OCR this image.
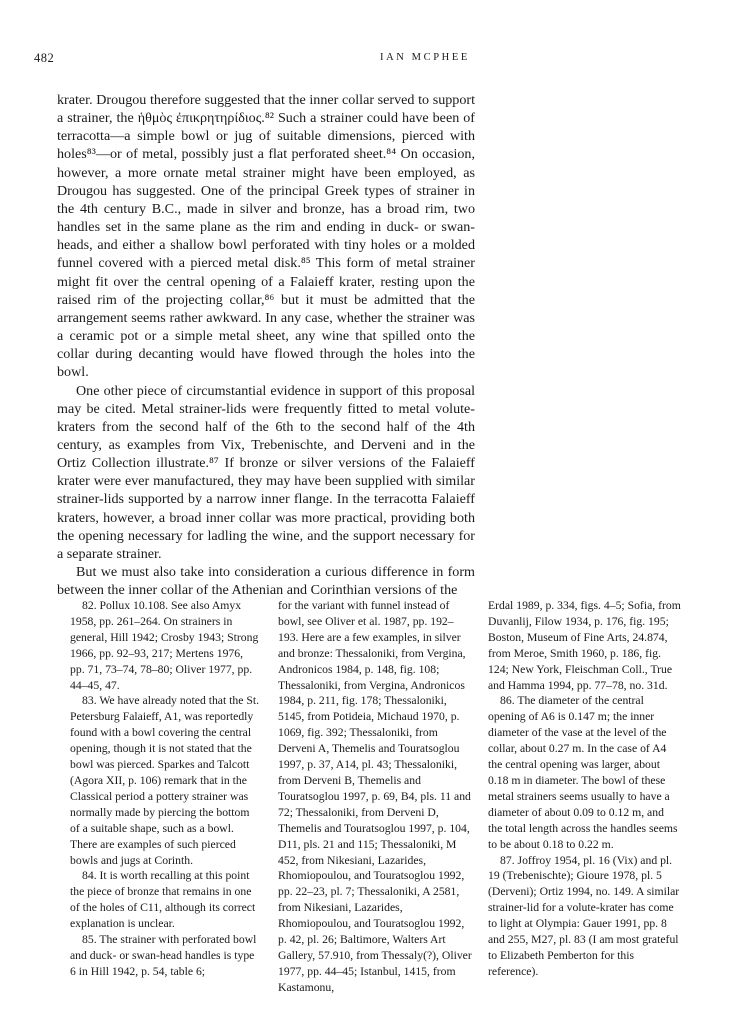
482	IAN MCPHEE

krater. Drougou therefore suggested that the inner collar served to support a strainer, the ἡθμὸς ἐπικρητηρίδιος.⁸² Such a strainer could have been of terracotta—a simple bowl or jug of suitable dimensions, pierced with holes⁸³—or of metal, possibly just a flat perforated sheet.⁸⁴ On occasion, however, a more ornate metal strainer might have been employed, as Drougou has suggested. One of the principal Greek types of strainer in the 4th century B.C., made in silver and bronze, has a broad rim, two handles set in the same plane as the rim and ending in duck- or swan-heads, and either a shallow bowl perforated with tiny holes or a molded funnel covered with a pierced metal disk.⁸⁵ This form of metal strainer might fit over the central opening of a Falaieff krater, resting upon the raised rim of the projecting collar,⁸⁶ but it must be admitted that the arrangement seems rather awkward. In any case, whether the strainer was a ceramic pot or a simple metal sheet, any wine that spilled onto the collar during decanting would have flowed through the holes into the bowl.

One other piece of circumstantial evidence in support of this proposal may be cited. Metal strainer-lids were frequently fitted to metal volute-kraters from the second half of the 6th to the second half of the 4th century, as examples from Vix, Trebenischte, and Derveni and in the Ortiz Collection illustrate.⁸⁷ If bronze or silver versions of the Falaieff krater were ever manufactured, they may have been supplied with similar strainer-lids supported by a narrow inner flange. In the terracotta Falaieff kraters, however, a broad inner collar was more practical, providing both the opening necessary for ladling the wine, and the support necessary for a separate strainer.

But we must also take into consideration a curious difference in form between the inner collar of the Athenian and Corinthian versions of the

82. Pollux 10.108. See also Amyx 1958, pp. 261–264. On strainers in general, Hill 1942; Crosby 1943; Strong 1966, pp. 92–93, 217; Mertens 1976, pp. 71, 73–74, 78–80; Oliver 1977, pp. 44–45, 47.

83. We have already noted that the St. Petersburg Falaieff, A1, was reportedly found with a bowl covering the central opening, though it is not stated that the bowl was pierced. Sparkes and Talcott (Agora XII, p. 106) remark that in the Classical period a pottery strainer was normally made by piercing the bottom of a suitable shape, such as a bowl. There are examples of such pierced bowls and jugs at Corinth.

84. It is worth recalling at this point the piece of bronze that remains in one of the holes of C11, although its correct explanation is unclear.

85. The strainer with perforated bowl and duck- or swan-head handles is type 6 in Hill 1942, p. 54, table 6;

for the variant with funnel instead of bowl, see Oliver et al. 1987, pp. 192–193. Here are a few examples, in silver and bronze: Thessaloniki, from Vergina, Andronicos 1984, p. 148, fig. 108; Thessaloniki, from Vergina, Andronicos 1984, p. 211, fig. 178; Thessaloniki, 5145, from Potideia, Michaud 1970, p. 1069, fig. 392; Thessaloniki, from Derveni A, Themelis and Touratsoglou 1997, p. 37, A14, pl. 43; Thessaloniki, from Derveni B, Themelis and Touratsoglou 1997, p. 69, B4, pls. 11 and 72; Thessaloniki, from Derveni D, Themelis and Touratsoglou 1997, p. 104, D11, pls. 21 and 115; Thessaloniki, M 452, from Nikesiani, Lazarides, Rhomiopoulou, and Touratsoglou 1992, pp. 22–23, pl. 7; Thessaloniki, A 2581, from Nikesiani, Lazarides, Rhomiopoulou, and Touratsoglou 1992, p. 42, pl. 26; Baltimore, Walters Art Gallery, 57.910, from Thessaly(?), Oliver 1977, pp. 44–45; Istanbul, 1415, from Kastamonu,

Erdal 1989, p. 334, figs. 4–5; Sofia, from Duvanlij, Filow 1934, p. 176, fig. 195; Boston, Museum of Fine Arts, 24.874, from Meroe, Smith 1960, p. 186, fig. 124; New York, Fleischman Coll., True and Hamma 1994, pp. 77–78, no. 31d.

86. The diameter of the central opening of A6 is 0.147 m; the inner diameter of the vase at the level of the collar, about 0.27 m. In the case of A4 the central opening was larger, about 0.18 m in diameter. The bowl of these metal strainers seems usually to have a diameter of about 0.09 to 0.12 m, and the total length across the handles seems to be about 0.18 to 0.22 m.

87. Joffroy 1954, pl. 16 (Vix) and pl. 19 (Trebenischte); Gioure 1978, pl. 5 (Derveni); Ortiz 1994, no. 149. A similar strainer-lid for a volute-krater has come to light at Olympia: Gauer 1991, pp. 8 and 255, M27, pl. 83 (I am most grateful to Elizabeth Pemberton for this reference).
